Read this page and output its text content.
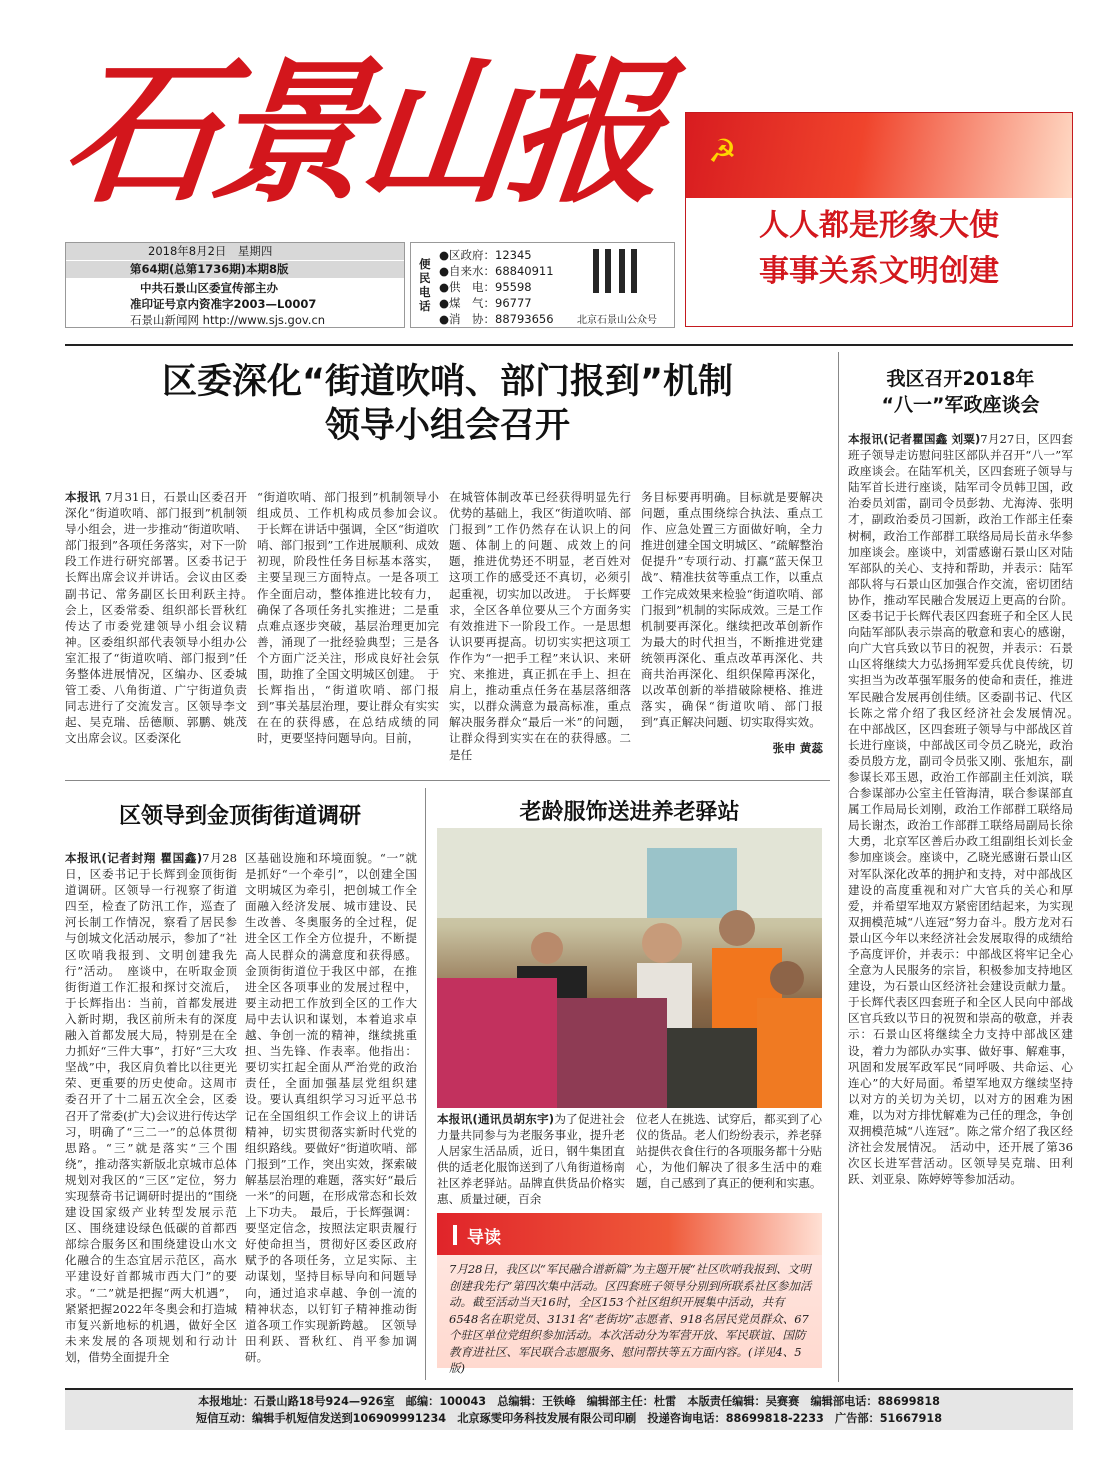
石景山报	☭
人人都是形象大使
事事关系文明创建
2018年8月2日　星期四
第64期(总第1736期)本期8版
中共石景山区委宣传部主办
准印证号京内资准字2003—L0007
石景山新闻网 http://www.sjs.gov.cn
便民电话
●区政府：12345
●自来水：68840911
●供　电：95598
●煤　气：96777
●消　协：88793656	北京石景山公众号
区委深化“街道吹哨、部门报到”机制
领导小组会召开
本报讯 7月31日，石景山区委召开深化“街道吹哨、部门报到”机制领导小组会，进一步推动“街道吹哨、部门报到”各项任务落实，对下一阶段工作进行研究部署。区委书记于长辉出席会议并讲话。会议由区委副书记、常务副区长田利跃主持。　会上，区委常委、组织部长晋秋红传达了市委党建领导小组会议精神。区委组织部代表领导小组办公室汇报了“街道吹哨、部门报到”任务整体进展情况，区编办、区委城管工委、八角街道、广宁街道负责同志进行了交流发言。区领导李文起、吴克瑞、岳德顺、郭鹏、姚茂文出席会议。区委深化
“街道吹哨、部门报到”机制领导小组成员、工作机构成员参加会议。　于长辉在讲话中强调，全区“街道吹哨、部门报到”工作进展顺利、成效初现，阶段性任务目标基本落实，主要呈现三方面特点。一是各项工作全面启动，整体推进比较有力，确保了各项任务扎实推进；二是重点难点逐步突破，基层治理更加完善，涌现了一批经验典型；三是各个方面广泛关注，形成良好社会氛围，助推了全国文明城区创建。　于长辉指出，“街道吹哨、部门报到”事关基层治理，要让群众有实实在在的获得感，在总结成绩的同时，更要坚持问题导向。目前，
在城管体制改革已经获得明显先行优势的基础上，我区“街道吹哨、部门报到”工作仍然存在认识上的问题、体制上的问题、成效上的问题，推进优势还不明显，老百姓对这项工作的感受还不真切，必须引起重视，切实加以改进。　于长辉要求，全区各单位要从三个方面务实有效推进下一阶段工作。一是思想认识要再提高。切切实实把这项工作作为“一把手工程”来认识、来研究、来推进，真正抓在手上、担在肩上，推动重点任务在基层落细落实，以群众满意为最高标准，重点解决服务群众“最后一米”的问题，让群众得到实实在在的获得感。二是任
务目标要再明确。目标就是要解决问题，重点围绕综合执法、重点工作、应急处置三方面做好响，全力推进创建全国文明城区、“疏解整治促提升”专项行动、打赢“蓝天保卫战”、精准扶贫等重点工作，以重点工作完成效果来检验“街道吹哨、部门报到”机制的实际成效。三是工作机制要再深化。继续把改革创新作为最大的时代担当，不断推进党建统领再深化、重点改革再深化、共商共治再深化、组织保障再深化，以改革创新的举措破除梗格、推进落实，确保“街道吹哨、部门报到”真正解决问题、切实取得实效。
张申 黄蕊
我区召开2018年
“八一”军政座谈会
本报讯(记者瞿国鑫 刘粟)7月27日，区四套班子领导走访慰问驻区部队并召开“八一”军政座谈会。在陆军机关，区四套班子领导与陆军首长进行座谈，陆军司令员韩卫国，政治委员刘雷，副司令员彭勃、尤海涛、张明才，副政治委员刁国新，政治工作部主任秦树桐，政治工作部群工联络局局长苗永华参加座谈会。座谈中，刘雷感谢石景山区对陆军部队的关心、支持和帮助，并表示：陆军部队将与石景山区加强合作交流，密切团结协作，推动军民融合发展迈上更高的台阶。区委书记于长辉代表区四套班子和全区人民向陆军部队表示崇高的敬意和衷心的感谢，向广大官兵致以节日的祝贺，并表示：石景山区将继续大力弘扬拥军爱兵优良传统，切实担当为改革强军服务的使命和责任，推进军民融合发展再创佳绩。区委副书记、代区长陈之常介绍了我区经济社会发展情况。　在中部战区，区四套班子领导与中部战区首长进行座谈，中部战区司令员乙晓光，政治委员殷方龙，副司令员张又刚、张旭东，副参谋长邓玉恩，政治工作部副主任刘滨，联合参谋部办公室主任管海清，联合参谋部直属工作局局长刘刚，政治工作部群工联络局局长谢杰，政治工作部群工联络局副局长徐大勇，北京军区善后办政工组副组长刘长金参加座谈会。座谈中，乙晓光感谢石景山区对军队深化改革的拥护和支持，对中部战区建设的高度重视和对广大官兵的关心和厚爱，并希望军地双方紧密团结起来，为实现双拥模范城“八连冠”努力奋斗。殷方龙对石景山区今年以来经济社会发展取得的成绩给予高度评价，并表示：中部战区将牢记全心全意为人民服务的宗旨，积极参加支持地区建设，为石景山区经济社会建设贡献力量。于长辉代表区四套班子和全区人民向中部战区官兵致以节日的祝贺和崇高的敬意，并表示：石景山区将继续全力支持中部战区建设，着力为部队办实事、做好事、解难事，巩固和发展军政军民“同呼吸、共命运、心连心”的大好局面。希望军地双方继续坚持以对方的关切为关切，以对方的困难为困难，以为对方排忧解难为己任的理念，争创双拥模范城“八连冠”。陈之常介绍了我区经济社会发展情况。　活动中，还开展了第36次区长进军营活动。区领导吴克瑞、田利跃、刘亚泉、陈婷婷等参加活动。
区领导到金顶街街道调研
本报讯(记者封翔 瞿国鑫)7月28日，区委书记于长辉到金顶街街道调研。区领导一行视察了街道四至，检查了防汛工作，巡查了河长制工作情况，察看了居民参与创城文化活动展示，参加了“社区吹哨我报到、文明创建我先行”活动。　座谈中，在听取金顶街街道工作汇报和探讨交流后，于长辉指出：当前，首都发展进入新时期，我区前所未有的深度融入首都发展大局，特别是在全力抓好“三件大事”，打好“三大攻坚战”中，我区肩负着比以往更光荣、更重要的历史使命。这周市委召开了十二届五次全会，区委召开了常委(扩大)会议进行传达学习，明确了“三二一”的总体贯彻思路。“三”就是落实“三个围绕”，推动落实新版北京城市总体规划对我区的“三区”定位，努力实现蔡奇书记调研时提出的“围绕建设国家级产业转型发展示范区、围绕建设绿色低碳的首都西部综合服务区和围绕建设山水文化融合的生态宜居示范区，高水平建设好首都城市西大门”的要求。“二”就是把握“两大机遇”，紧紧把握2022年冬奥会和打造城市复兴新地标的机遇，做好全区未来发展的各项规划和行动计划，借势全面提升全
区基础设施和环境面貌。“一”就是抓好“一个牵引”，以创建全国文明城区为牵引，把创城工作全面融入经济发展、城市建设、民生改善、冬奥服务的全过程，促进全区工作全方位提升，不断提高人民群众的满意度和获得感。金顶街街道位于我区中部，在推进全区各项事业的发展过程中，要主动把工作放到全区的工作大局中去认识和谋划，本着追求卓越、争创一流的精神，继续挑重担、当先锋、作表率。他指出：要切实扛起全面从严治党的政治责任，全面加强基层党组织建设。要认真组织学习习近平总书记在全国组织工作会议上的讲话精神，切实贯彻落实新时代党的组织路线。要做好“街道吹哨、部门报到”工作，突出实效，探索破解基层治理的难题，落实好“最后一米”的问题，在形成常态和长效上下功夫。　最后，于长辉强调：要坚定信念，按照法定职责履行好使命担当，贯彻好区委区政府赋予的各项任务，立足实际、主动谋划，坚持目标导向和问题导向，通过追求卓越、争创一流的精神状态，以钉钉子精神推动街道各项工作实现新跨越。　区领导田利跃、晋秋红、肖平参加调研。
老龄服饰送进养老驿站
本报讯(通讯员胡东宇)为了促进社会力量共同参与为老服务事业，提升老人居家生活品质，近日，钢牛集团直供的适老化服饰送到了八角街道杨南社区养老驿站。品牌直供货品价格实惠、质量过硬，百余
位老人在挑选、试穿后，都买到了心仪的货品。老人们纷纷表示，养老驿站提供衣食住行的各项服务都十分贴心，为他们解决了很多生活中的难题，自己感到了真正的便利和实惠。
导读
7月28日，我区以“军民融合谱新篇”为主题开展“社区吹哨我报到、文明创建我先行”第四次集中活动。区四套班子领导分别到所联系社区参加活动。截至活动当天16时，全区153个社区组织开展集中活动，共有6548名在职党员、3131名“老街坊”志愿者、918名居民党员群众、67个驻区单位党组织参加活动。本次活动分为军营开放、军民联谊、国防教育进社区、军民联合志愿服务、慰问帮扶等五方面内容。(详见4、5版)
本报地址：石景山路18号924—926室　邮编：100043　总编辑：王铁峰　编辑部主任：杜雷　本版责任编辑：吴赛赛　编辑部电话：88699818
短信互动：编辑手机短信发送到106909991234　北京琢雯印务科技发展有限公司印刷　投递咨询电话：88699818-2233　广告部：51667918
